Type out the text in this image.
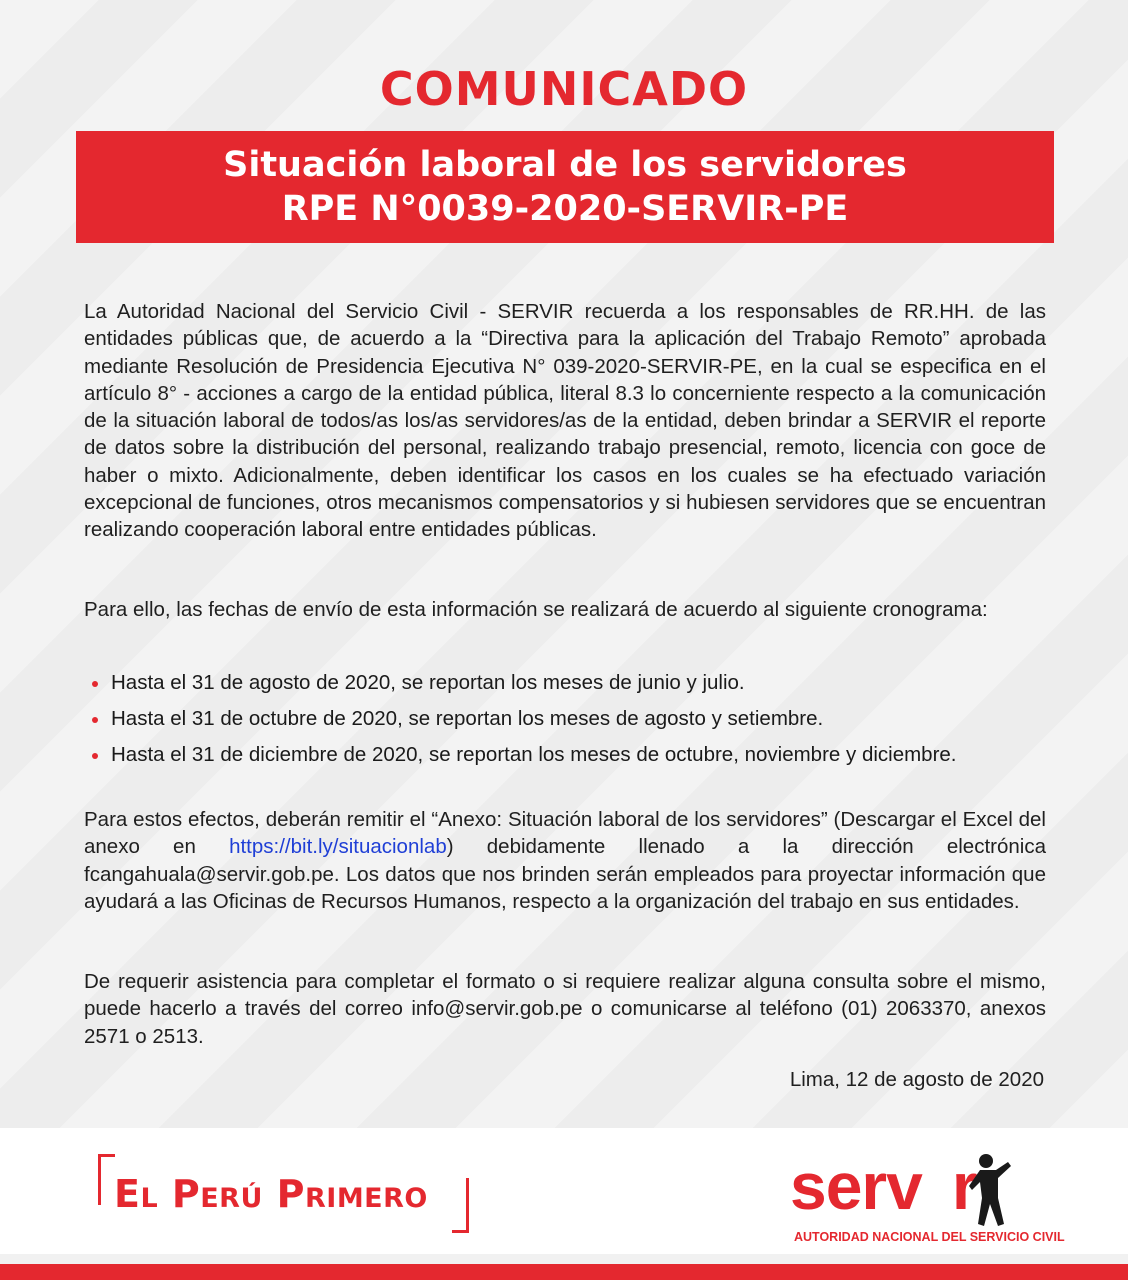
COMUNICADO
Situación laboral de los servidores
RPE N°0039-2020-SERVIR-PE
La Autoridad Nacional del Servicio Civil - SERVIR recuerda a los responsables de RR.HH. de las entidades públicas que, de acuerdo a la “Directiva para la aplicación del Trabajo Remoto” aprobada mediante Resolución de Presidencia Ejecutiva N° 039-2020-SERVIR-PE, en la cual se especifica en el artículo 8° - acciones a cargo de la entidad pública, literal 8.3 lo concerniente respecto a la comunicación de la situación laboral de todos/as los/as servidores/as de la entidad, deben brindar a SERVIR el reporte de datos sobre la distribución del personal, realizando trabajo presencial, remoto, licencia con goce de haber o mixto. Adicionalmente, deben identificar los casos en los cuales se ha efectuado variación excepcional de funciones, otros mecanismos compensatorios y si hubiesen servidores que se encuentran realizando cooperación laboral entre entidades públicas.
Para ello, las fechas de envío de esta información se realizará de acuerdo al siguiente cronograma:
Hasta el 31 de agosto de 2020, se reportan los meses de junio y julio.
Hasta el 31 de octubre de 2020, se reportan los meses de agosto y setiembre.
Hasta el 31 de diciembre de 2020, se reportan los meses de octubre, noviembre y diciembre.
Para estos efectos, deberán remitir el “Anexo: Situación laboral de los servidores” (Descargar el Excel del anexo en https://bit.ly/situacionlab) debidamente llenado a la dirección electrónica fcangahuala@servir.gob.pe. Los datos que nos brinden serán empleados para proyectar información que ayudará a las Oficinas de Recursos Humanos, respecto a la organización del trabajo en sus entidades.
De requerir asistencia para completar el formato o si requiere realizar alguna consulta sobre el mismo, puede hacerlo a través del correo info@servir.gob.pe o comunicarse al teléfono (01) 2063370, anexos 2571 o 2513.
Lima, 12 de agosto de 2020
El Perú Primero	serv r
AUTORIDAD NACIONAL DEL SERVICIO CIVIL
